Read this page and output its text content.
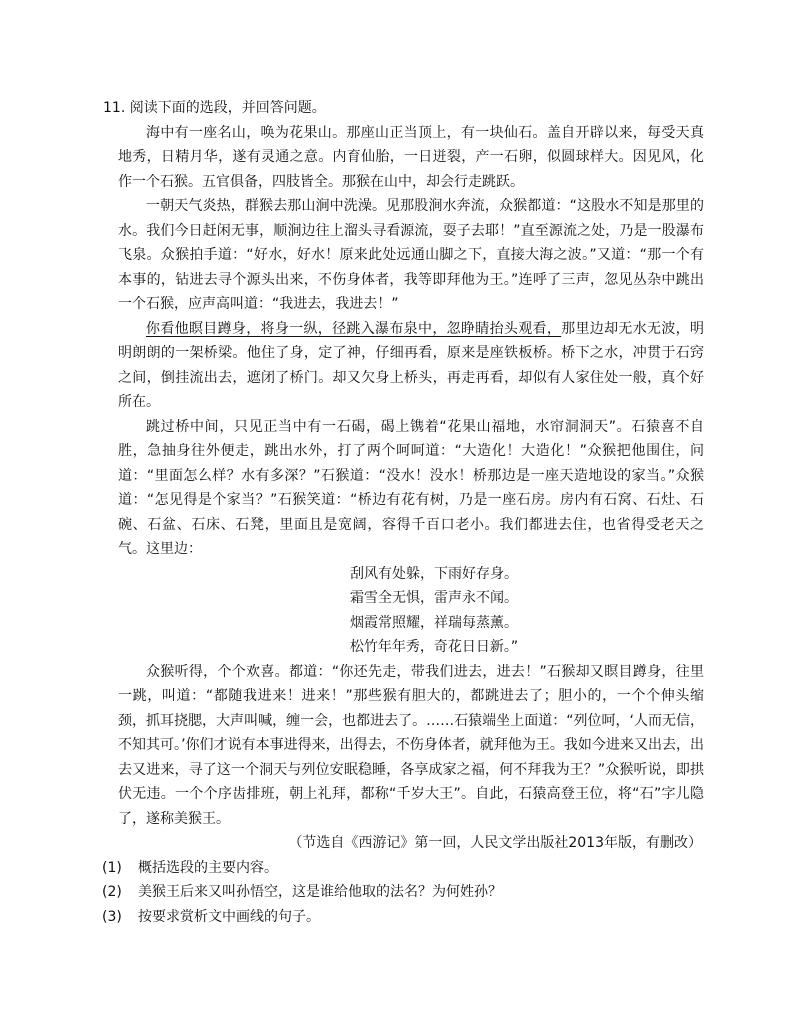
11. 阅读下面的选段，并回答问题。

海中有一座名山，唤为花果山。那座山正当顶上，有一块仙石。盖自开辟以来，每受天真地秀，日精月华，遂有灵通之意。内育仙胎，一日迸裂，产一石卵，似圆球样大。因见风，化作一个石猴。五官俱备，四肢皆全。那猴在山中，却会行走跳跃。

一朝天气炎热，群猴去那山涧中洗澡。见那股涧水奔流，众猴都道：“这股水不知是那里的水。我们今日赶闲无事，顺涧边往上溜头寻看源流，耍子去耶！”直至源流之处，乃是一股瀑布飞泉。众猴拍手道：“好水，好水！原来此处远通山脚之下，直接大海之波。”又道：“那一个有本事的，钻进去寻个源头出来，不伤身体者，我等即拜他为王。”连呼了三声，忽见丛杂中跳出一个石猴，应声高叫道：“我进去，我进去！”

你看他瞑目蹲身，将身一纵，径跳入瀑布泉中，忽睁睛抬头观看，那里边却无水无波，明明朗朗的一架桥梁。他住了身，定了神，仔细再看，原来是座铁板桥。桥下之水，冲贯于石窍之间，倒挂流出去，遮闭了桥门。却又欠身上桥头，再走再看，却似有人家住处一般，真个好所在。

跳过桥中间，只见正当中有一石碣，碣上镌着“花果山福地，水帘洞洞天”。石猿喜不自胜，急抽身往外便走，跳出水外，打了两个呵呵道：“大造化！大造化！”众猴把他围住，问道：“里面怎么样？水有多深？”石猴道：“没水！没水！桥那边是一座天造地设的家当。”众猴道：“怎见得是个家当？”石猴笑道：“桥边有花有树，乃是一座石房。房内有石窝、石灶、石碗、石盆、石床、石凳，里面且是宽阔，容得千百口老小。我们都进去住，也省得受老天之气。这里边：

刮风有处躲，下雨好存身。
霜雪全无惧，雷声永不闻。
烟霞常照耀，祥瑞每蒸薰。
松竹年年秀，奇花日日新。”

众猴听得，个个欢喜。都道：“你还先走，带我们进去，进去！”石猴却又瞑目蹲身，往里一跳，叫道：“都随我进来！进来！”那些猴有胆大的，都跳进去了；胆小的，一个个伸头缩颈，抓耳挠腮，大声叫喊，缠一会，也都进去了。……石猿端坐上面道：“列位呵，‘人而无信，不知其可。’你们才说有本事进得来，出得去，不伤身体者，就拜他为王。我如今进来又出去，出去又进来，寻了这一个洞天与列位安眠稳睡，各享成家之福，何不拜我为王？”众猴听说，即拱伏无违。一个个序齿排班，朝上礼拜，都称“千岁大王”。自此，石猿高登王位，将“石”字儿隐了，遂称美猴王。

（节选自《西游记》第一回，人民文学出版社2013年版，有删改）

(1) 概括选段的主要内容。

(2) 美猴王后来又叫孙悟空，这是谁给他取的法名？为何姓孙？

(3) 按要求赏析文中画线的句子。
